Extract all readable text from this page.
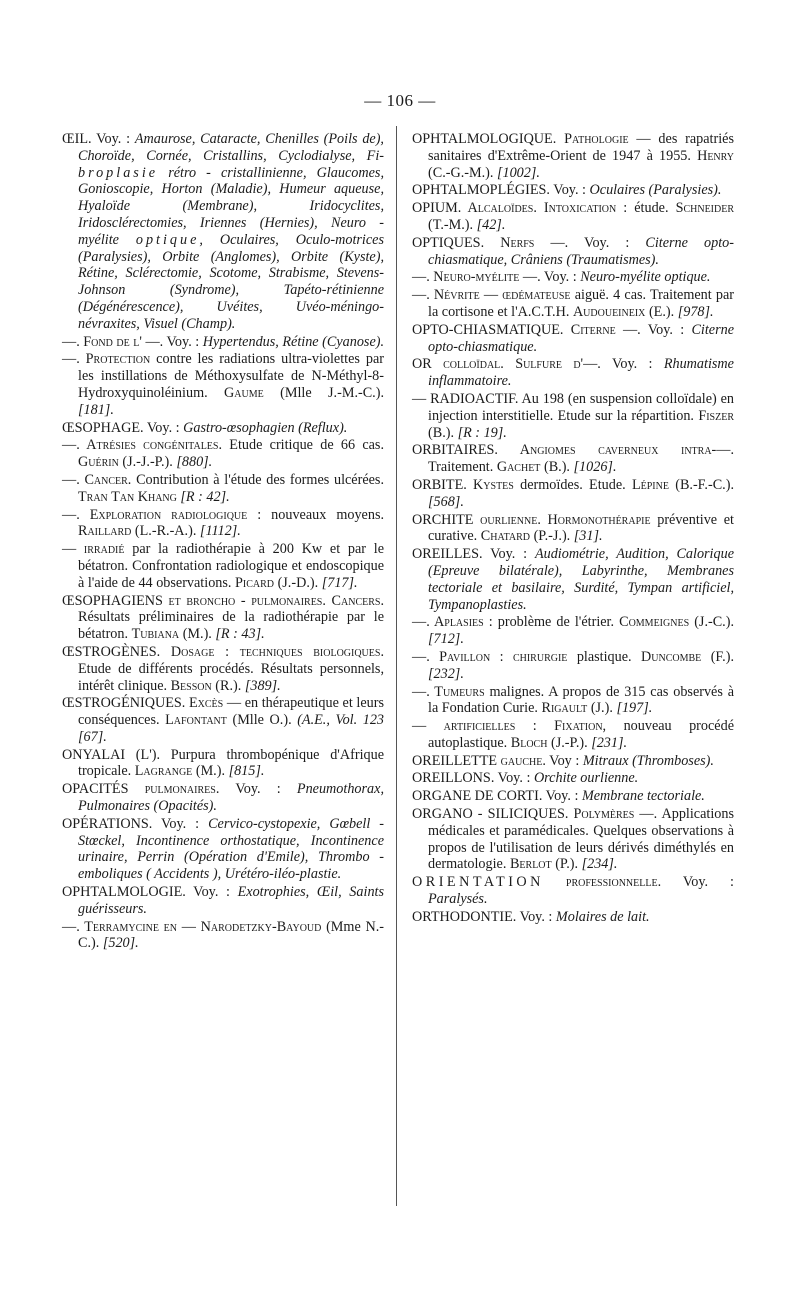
— 106 —

ŒIL. Voy. : Amaurose, Cataracte, Chenilles (Poils de), Choroïde, Cornée, Cristallins, Cyclodialyse, Fi-broplasie rétro - cristallinienne, Glaucomes, Gonioscopie, Horton (Maladie), Humeur aqueuse, Hyaloïde (Membrane), Iridocyclites, Iridosclérectomies, Iriennes (Hernies), Neuro - myélite optique, Oculaires, Oculo-motrices (Paralysies), Orbite (Anglomes), Orbite (Kyste), Rétine, Sclérectomie, Scotome, Strabisme, Stevens-Johnson (Syndrome), Tapéto-rétinienne (Dégénérescence), Uvéites, Uvéo-méningo-névraxites, Visuel (Champ).

—. Fond de l' —. Voy. : Hypertendus, Rétine (Cyanose).

—. Protection contre les radiations ultra-violettes par les instillations de Méthoxysulfate de N-Méthyl-8-Hydroxyquinoléinium. Gaume (Mlle J.-M.-C.). [181].

ŒSOPHAGE. Voy. : Gastro-œsophagien (Reflux).

—. Atrésies congénitales. Etude critique de 66 cas. Guérin (J.-J.-P.). [880].

—. Cancer. Contribution à l'étude des formes ulcérées. Tran Tan Khang [R : 42].

—. Exploration radiologique : nouveaux moyens. Raillard (L.-R.-A.). [1112].

— irradié par la radiothérapie à 200 Kw et par le bétatron. Confrontation radiologique et endoscopique à l'aide de 44 observations. Picard (J.-D.). [717].

ŒSOPHAGIENS et broncho - pulmonaires. Cancers. Résultats préliminaires de la radiothérapie par le bétatron. Tubiana (M.). [R : 43].

ŒSTROGÈNES. Dosage : techniques biologiques. Etude de différents procédés. Résultats personnels, intérêt clinique. Besson (R.). [389].

ŒSTROGÉNIQUES. Excès — en thérapeutique et leurs conséquences. Lafontant (Mlle O.). (A.E., Vol. 123 [67].

ONYALAI (L'). Purpura thrombopénique d'Afrique tropicale. Lagrange (M.). [815].

OPACITÉS pulmonaires. Voy. : Pneumothorax, Pulmonaires (Opacités).

OPÉRATIONS. Voy. : Cervico-cystopexie, Gœbell - Stœckel, Incontinence orthostatique, Incontinence urinaire, Perrin (Opération d'Emile), Thrombo - emboliques ( Accidents ), Urétéro-iléo-plastie.

OPHTALMOLOGIE. Voy. : Exotrophies, Œil, Saints guérisseurs.

—. Terramycine en — Narodetzky-Bayoud (Mme N.-C.). [520].

OPHTALMOLOGIQUE. Pathologie — des rapatriés sanitaires d'Extrême-Orient de 1947 à 1955. Henry (C.-G.-M.). [1002].

OPHTALMOPLÉGIES. Voy. : Oculaires (Paralysies).

OPIUM. Alcaloïdes. Intoxication : étude. Schneider (T.-M.). [42].

OPTIQUES. Nerfs —. Voy. : Citerne opto-chiasmatique, Crâniens (Traumatismes).

—. Neuro-myélite —. Voy. : Neuro-myélite optique.

—. Névrite — œdémateuse aiguë. 4 cas. Traitement par la cortisone et l'A.C.T.H. Audoueineix (E.). [978].

OPTO-CHIASMATIQUE. Citerne —. Voy. : Citerne opto-chiasmatique.

OR colloïdal. Sulfure d'—. Voy. : Rhumatisme inflammatoire.

— RADIOACTIF. Au 198 (en suspension colloïdale) en injection interstitielle. Etude sur la répartition. Fiszer (B.). [R : 19].

ORBITAIRES. Angiomes caverneux intra-—. Traitement. Gachet (B.). [1026].

ORBITE. Kystes dermoïdes. Etude. Lépine (B.-F.-C.). [568].

ORCHITE ourlienne. Hormonothérapie préventive et curative. Chatard (P.-J.). [31].

OREILLES. Voy. : Audiométrie, Audition, Calorique (Epreuve bilatérale), Labyrinthe, Membranes tectoriale et basilaire, Surdité, Tympan artificiel, Tympanoplasties.

—. Aplasies : problème de l'étrier. Commeignes (J.-C.). [712].

—. Pavillon : chirurgie plastique. Duncombe (F.). [232].

—. Tumeurs malignes. A propos de 315 cas observés à la Fondation Curie. Rigault (J.). [197].

— artificielles : Fixation, nouveau procédé autoplastique. Bloch (J.-P.). [231].

OREILLETTE gauche. Voy : Mitraux (Thromboses).

OREILLONS. Voy. : Orchite ourlienne.

ORGANE DE CORTI. Voy. : Membrane tectoriale.

ORGANO - SILICIQUES. Polymères —. Applications médicales et paramédicales. Quelques observations à propos de l'utilisation de leurs dérivés diméthylés en dermatologie. Berlot (P.). [234].

ORIENTATION professionnelle. Voy. : Paralysés.

ORTHODONTIE. Voy. : Molaires de lait.
